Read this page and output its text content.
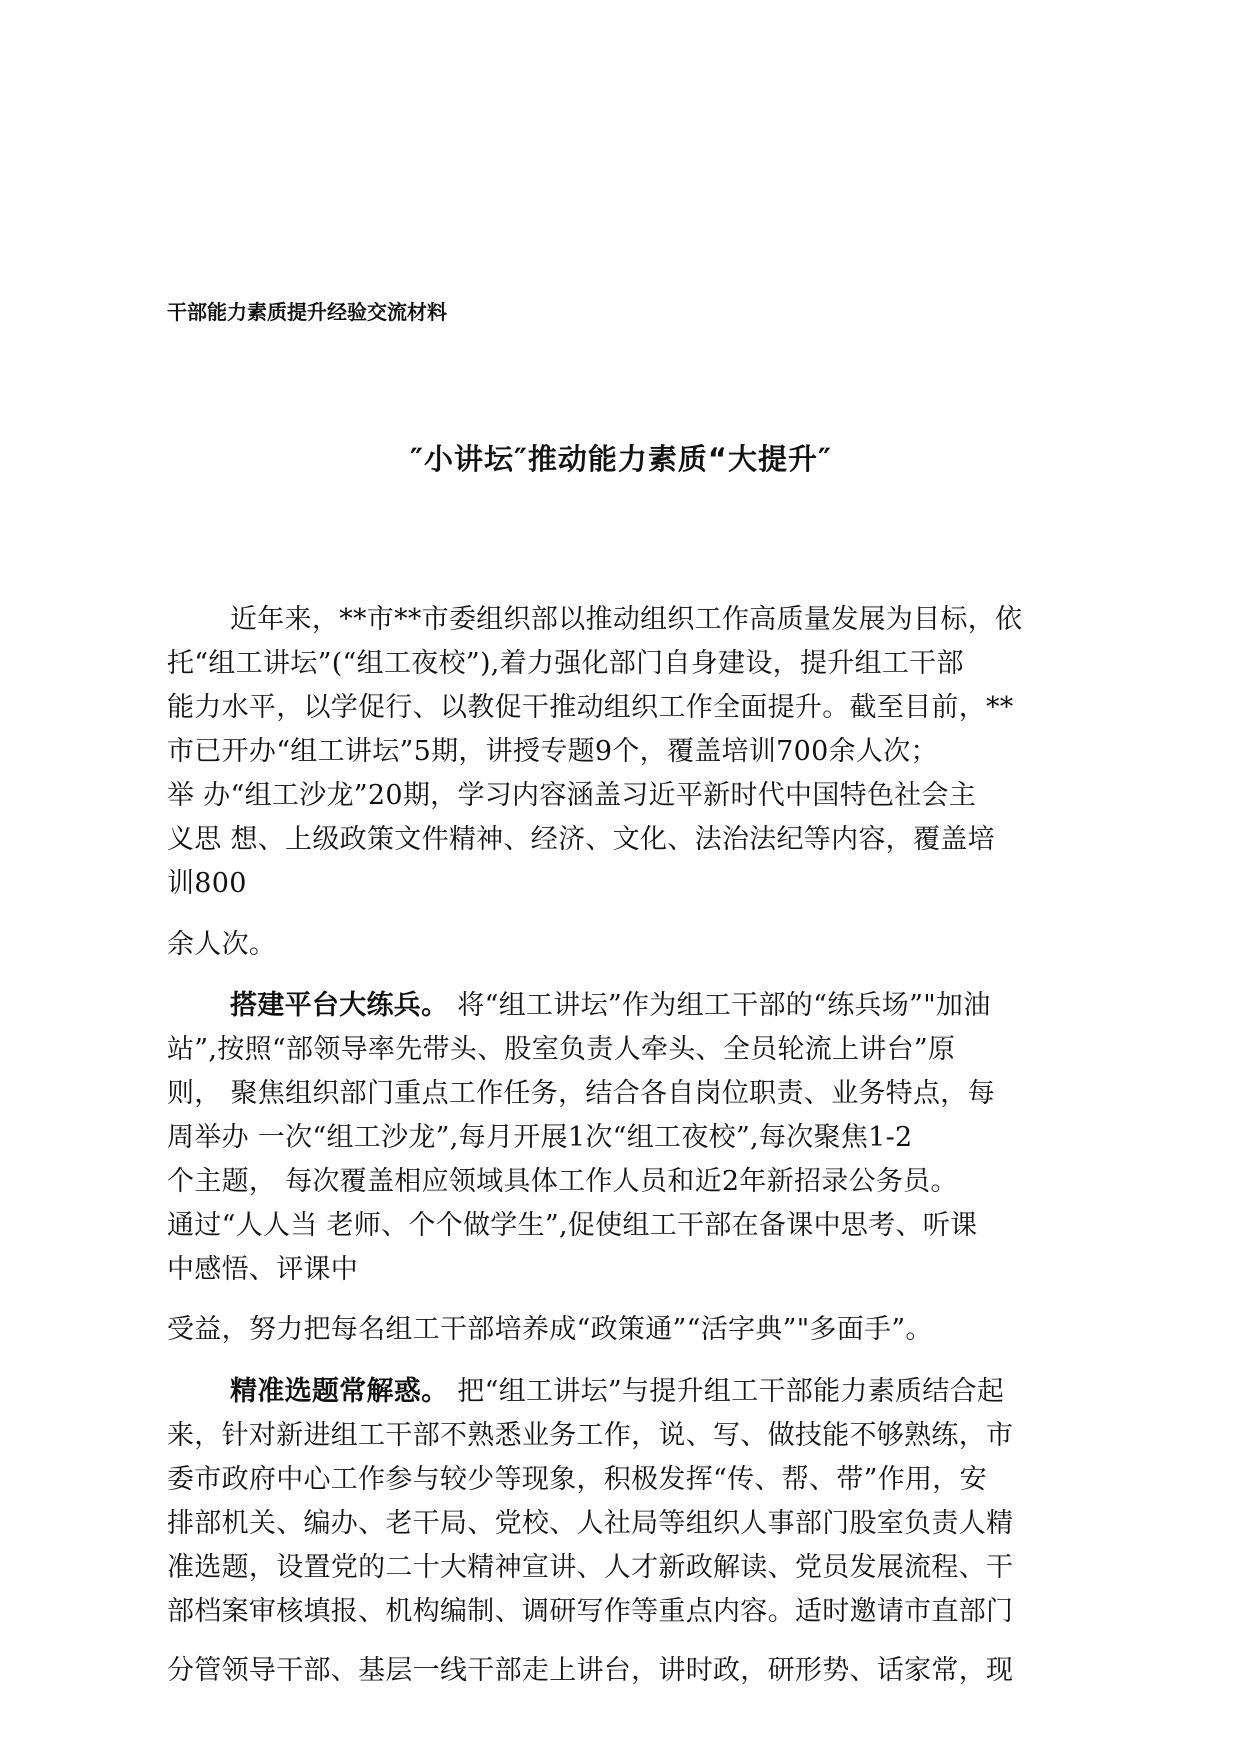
干部能力素质提升经验交流材料
″小讲坛″推动能力素质“大提升″
近年来，**市**市委组织部以推动组织工作高质量发展为目标，依
托“组工讲坛”(“组工夜校”),着力强化部门自身建设，提升组工干部
能力水平，以学促行、以教促干推动组织工作全面提升。截至目前，**
市已开办“组工讲坛”5期，讲授专题9个，覆盖培训700余人次；
举 办“组工沙龙”20期，学习内容涵盖习近平新时代中国特色社会主
义思 想、上级政策文件精神、经济、文化、法治法纪等内容，覆盖培
训800
余人次。
搭建平台大练兵。 将“组工讲坛”作为组工干部的“练兵场”"加油
站”,按照“部领导率先带头、股室负责人牵头、全员轮流上讲台”原
则， 聚焦组织部门重点工作任务，结合各自岗位职责、业务特点，每
周举办 一次“组工沙龙”,每月开展1次“组工夜校”,每次聚焦1-2
个主题， 每次覆盖相应领域具体工作人员和近2年新招录公务员。
通过“人人当 老师、个个做学生”,促使组工干部在备课中思考、听课
中感悟、评课中
受益，努力把每名组工干部培养成“政策通”“活字典”"多面手”。
精准选题常解惑。 把“组工讲坛”与提升组工干部能力素质结合起
来，针对新进组工干部不熟悉业务工作，说、写、做技能不够熟练，市
委市政府中心工作参与较少等现象，积极发挥“传、帮、带”作用，安
排部机关、编办、老干局、党校、人社局等组织人事部门股室负责人精
准选题，设置党的二十大精神宣讲、人才新政解读、党员发展流程、干
部档案审核填报、机构编制、调研写作等重点内容。适时邀请市直部门
分管领导干部、基层一线干部走上讲台，讲时政，研形势、话家常，现
